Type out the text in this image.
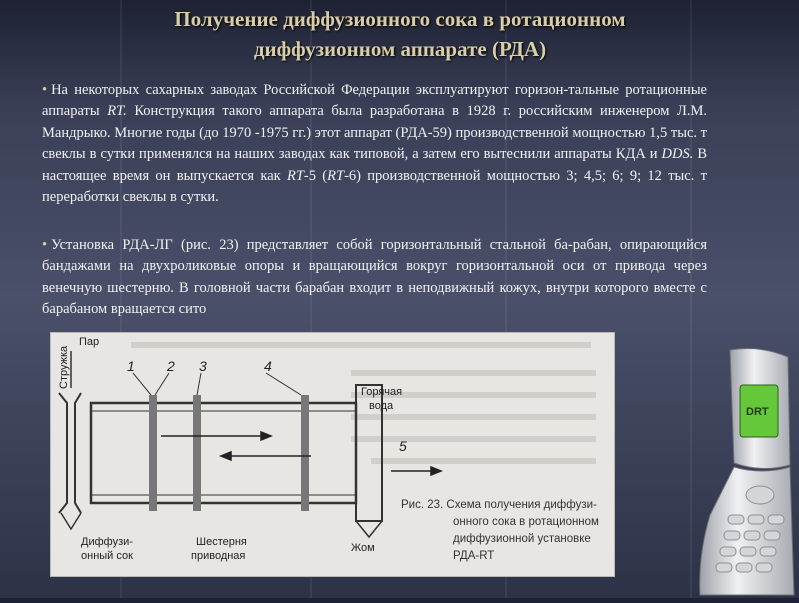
Получение диффузионного сока в ротационном
диффузионном аппарате (РДА)
• На некоторых сахарных заводах Российской Федерации эксплуатируют горизон-тальные ротационные аппараты RT. Конструкция такого аппарата была разработана в 1928 г. российским инженером Л.М. Мандрыко. Многие годы (до 1970 -1975 гг.) этот аппарат (РДА-59) производственной мощностью 1,5 тыс. т свеклы в сутки применялся на наших заводах как типовой, а затем его вытеснили аппараты КДА и DDS. В настоящее время он выпускается как RT-5 (RT-6) производственной мощностью 3; 4,5; 6; 9; 12 тыс. т переработки свеклы в сутки.
• Установка РДА-ЛГ (рис. 23) представляет собой горизонтальный стальной ба-рабан, опирающийся бандажами на двухроликовые опоры и вращающийся вокруг горизонтальной оси от привода через венечную шестерню. В головной части барабан входит в неподвижный кожух, внутри которого вместе с барабаном вращается сито
Стружка
Пар
1 2 3	4
5
Горячая
вода
Диффузи-
онный сок
Шестерня
приводная
Жом
Рис. 23. Схема получения диффузи-
онного сока в ротационном
диффузионной установке
РДА-RT
DRT
